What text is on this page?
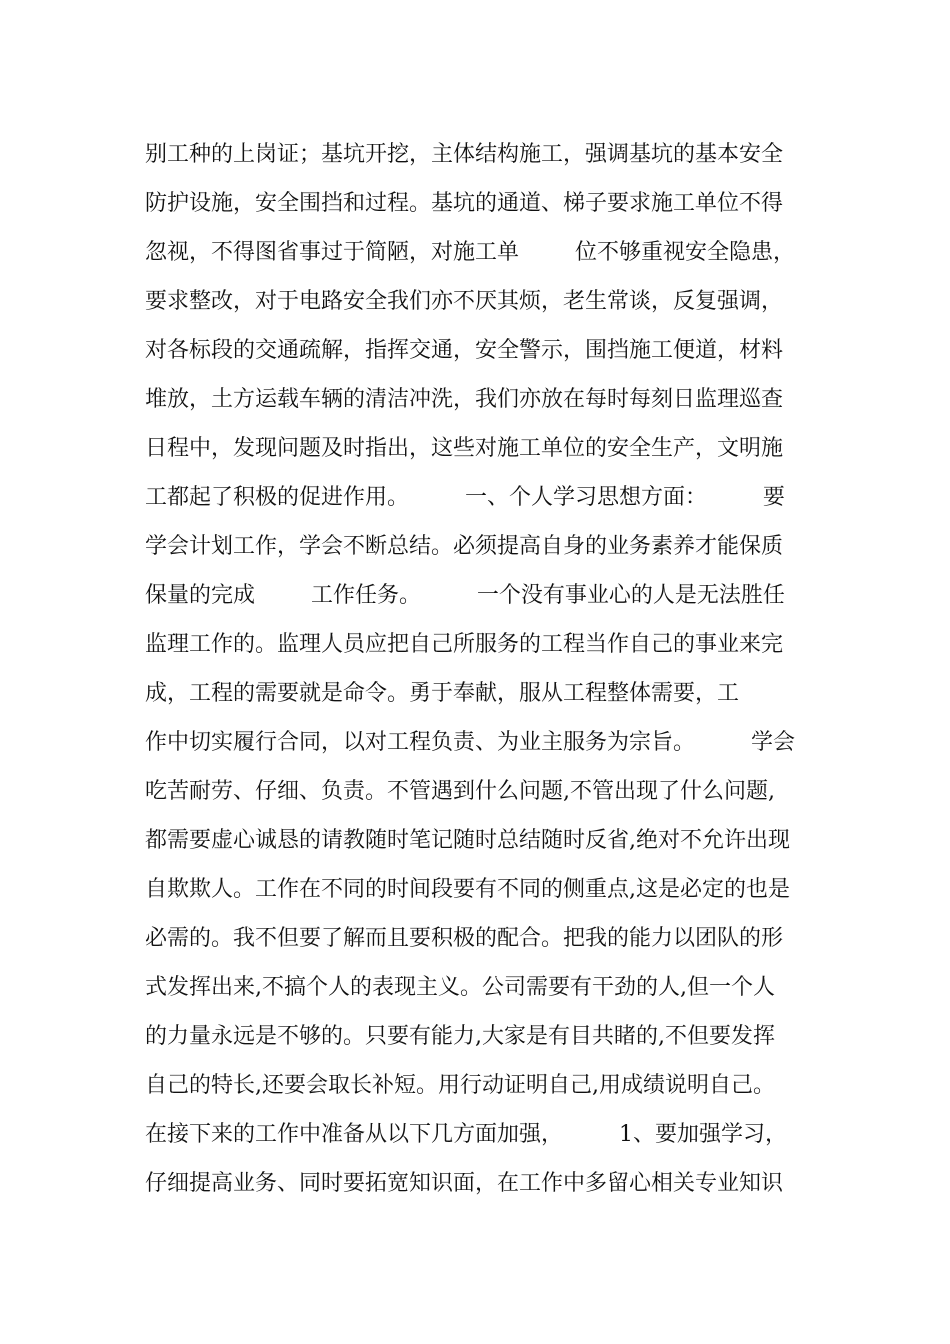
别工种的上岗证；基坑开挖，主体结构施工，强调基坑的基本安全
防护设施，安全围挡和过程。基坑的通道、梯子要求施工单位不得
忽视，不得图省事过于简陋，对施工单        位不够重视安全隐患，
要求整改，对于电路安全我们亦不厌其烦，老生常谈，反复强调，
对各标段的交通疏解，指挥交通，安全警示，围挡施工便道，材料
堆放，土方运载车辆的清洁冲洗，我们亦放在每时每刻日监理巡查
日程中，发现问题及时指出，这些对施工单位的安全生产，文明施
工都起了积极的促进作用。        一、个人学习思想方面：        要
学会计划工作，学会不断总结。必须提高自身的业务素养才能保质
保量的完成        工作任务。        一个没有事业心的人是无法胜任
监理工作的。监理人员应把自己所服务的工程当作自己的事业来完
成，工程的需要就是命令。勇于奉献，服从工程整体需要，工
作中切实履行合同，以对工程负责、为业主服务为宗旨。        学会
吃苦耐劳、仔细、负责。不管遇到什么问题,不管出现了什么问题,
都需要虚心诚恳的请教随时笔记随时总结随时反省,绝对不允许出现
自欺欺人。工作在不同的时间段要有不同的侧重点,这是必定的也是
必需的。我不但要了解而且要积极的配合。把我的能力以团队的形
式发挥出来,不搞个人的表现主义。公司需要有干劲的人,但一个人
的力量永远是不够的。只要有能力,大家是有目共睹的,不但要发挥
自己的特长,还要会取长补短。用行动证明自己,用成绩说明自己。
在接下来的工作中准备从以下几方面加强，        1、要加强学习，
仔细提高业务、同时要拓宽知识面，在工作中多留心相关专业知识
